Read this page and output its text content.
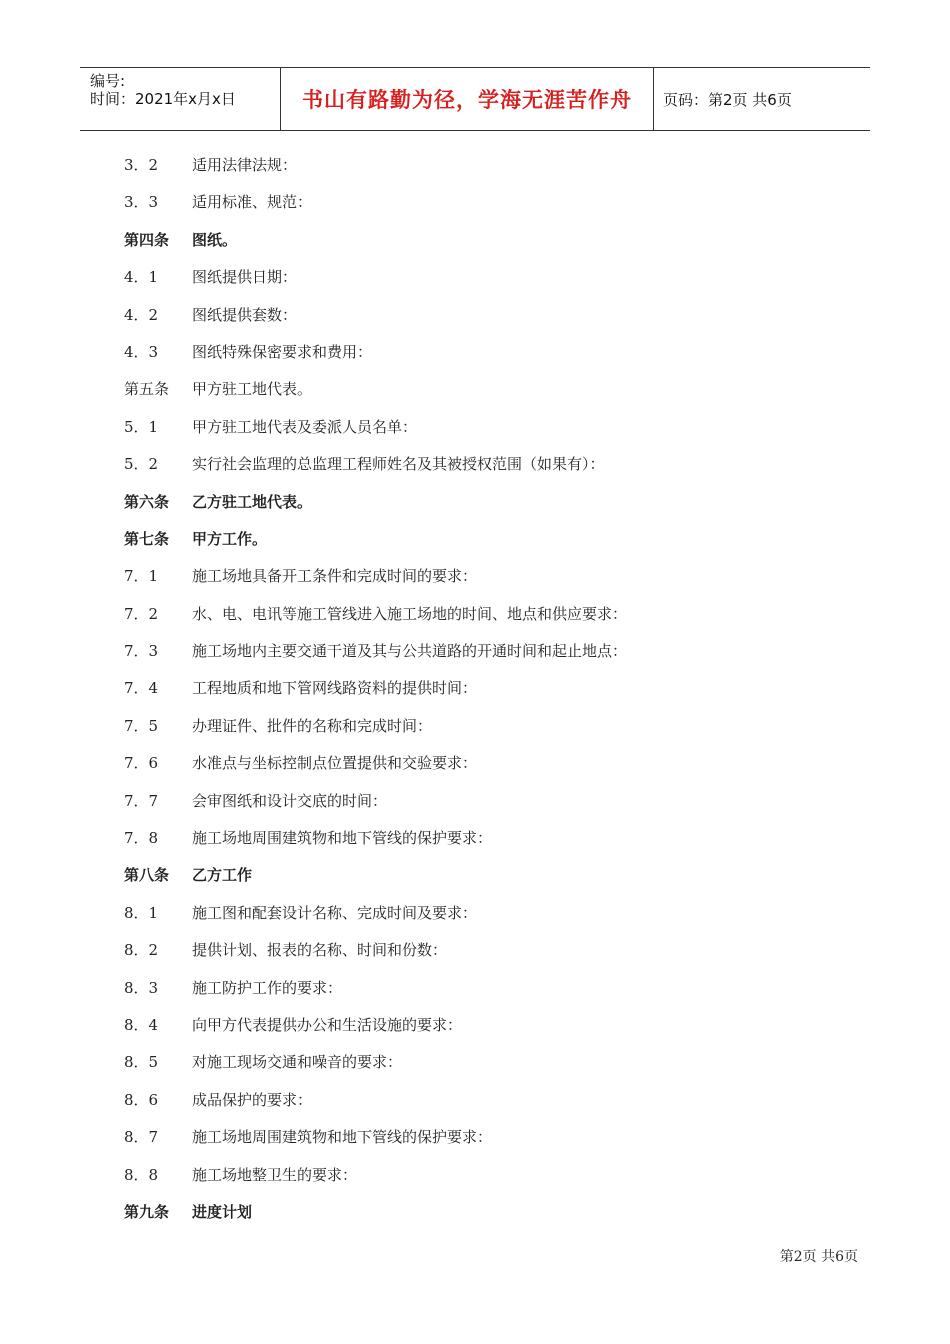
编号:
时间：2021年x月x日	书山有路勤为径，学海无涯苦作舟	页码：第2页 共6页
3．2	适用法律法规：
3．3	适用标准、规范：
第四条	图纸。
4．1	图纸提供日期：
4．2	图纸提供套数：
4．3	图纸特殊保密要求和费用：
第五条	甲方驻工地代表。
5．1	甲方驻工地代表及委派人员名单：
5．2	实行社会监理的总监理工程师姓名及其被授权范围（如果有）：
第六条	乙方驻工地代表。
第七条	甲方工作。
7．1	施工场地具备开工条件和完成时间的要求：
7．2	水、电、电讯等施工管线进入施工场地的时间、地点和供应要求：
7．3	施工场地内主要交通干道及其与公共道路的开通时间和起止地点：
7．4	工程地质和地下管网线路资料的提供时间：
7．5	办理证件、批件的名称和完成时间：
7．6	水准点与坐标控制点位置提供和交验要求：
7．7	会审图纸和设计交底的时间：
7．8	施工场地周围建筑物和地下管线的保护要求：
第八条	乙方工作
8．1	施工图和配套设计名称、完成时间及要求：
8．2	提供计划、报表的名称、时间和份数：
8．3	施工防护工作的要求：
8．4	向甲方代表提供办公和生活设施的要求：
8．5	对施工现场交通和噪音的要求：
8．6	成品保护的要求：
8．7	施工场地周围建筑物和地下管线的保护要求：
8．8	施工场地整卫生的要求：
第九条	进度计划
第2页 共6页
